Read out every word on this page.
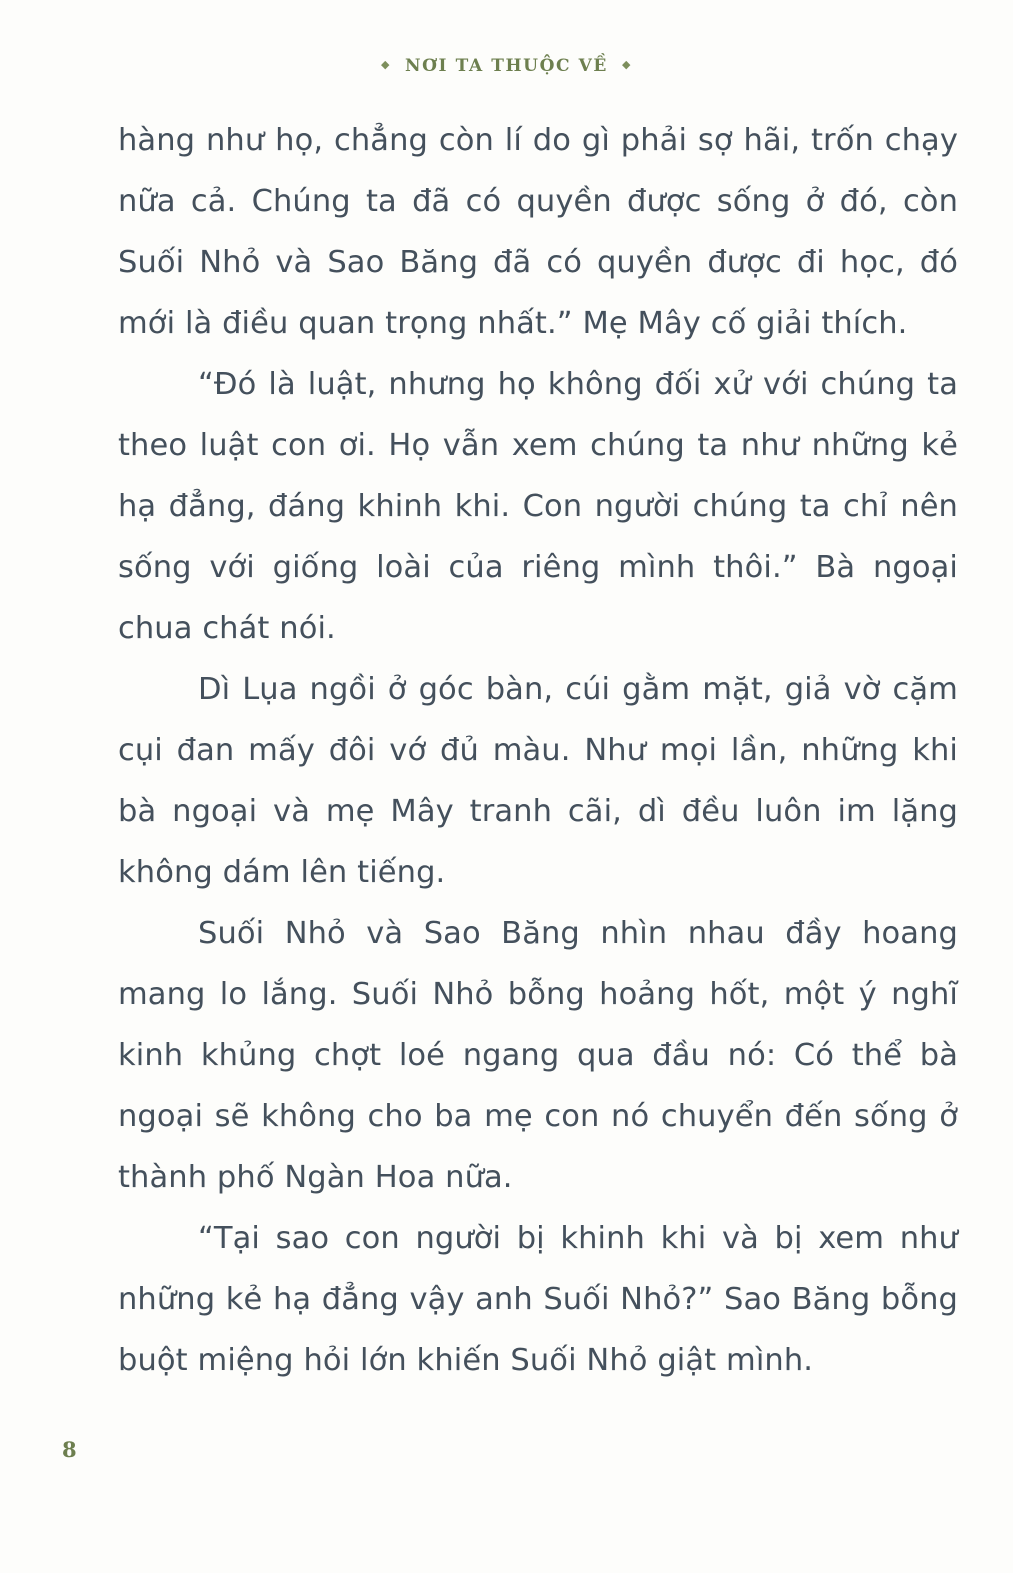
◆ NƠI TA THUỘC VỀ ◆

hàng như họ, chẳng còn lí do gì phải sợ hãi, trốn chạy nữa cả. Chúng ta đã có quyền được sống ở đó, còn Suối Nhỏ và Sao Băng đã có quyền được đi học, đó mới là điều quan trọng nhất.” Mẹ Mây cố giải thích.

“Đó là luật, nhưng họ không đối xử với chúng ta theo luật con ơi. Họ vẫn xem chúng ta như những kẻ hạ đẳng, đáng khinh khi. Con người chúng ta chỉ nên sống với giống loài của riêng mình thôi.” Bà ngoại chua chát nói.

Dì Lụa ngồi ở góc bàn, cúi gằm mặt, giả vờ cặm cụi đan mấy đôi vớ đủ màu. Như mọi lần, những khi bà ngoại và mẹ Mây tranh cãi, dì đều luôn im lặng không dám lên tiếng.

Suối Nhỏ và Sao Băng nhìn nhau đầy hoang mang lo lắng. Suối Nhỏ bỗng hoảng hốt, một ý nghĩ kinh khủng chợt loé ngang qua đầu nó: Có thể bà ngoại sẽ không cho ba mẹ con nó chuyển đến sống ở thành phố Ngàn Hoa nữa.

“Tại sao con người bị khinh khi và bị xem như những kẻ hạ đẳng vậy anh Suối Nhỏ?” Sao Băng bỗng buột miệng hỏi lớn khiến Suối Nhỏ giật mình.

8
